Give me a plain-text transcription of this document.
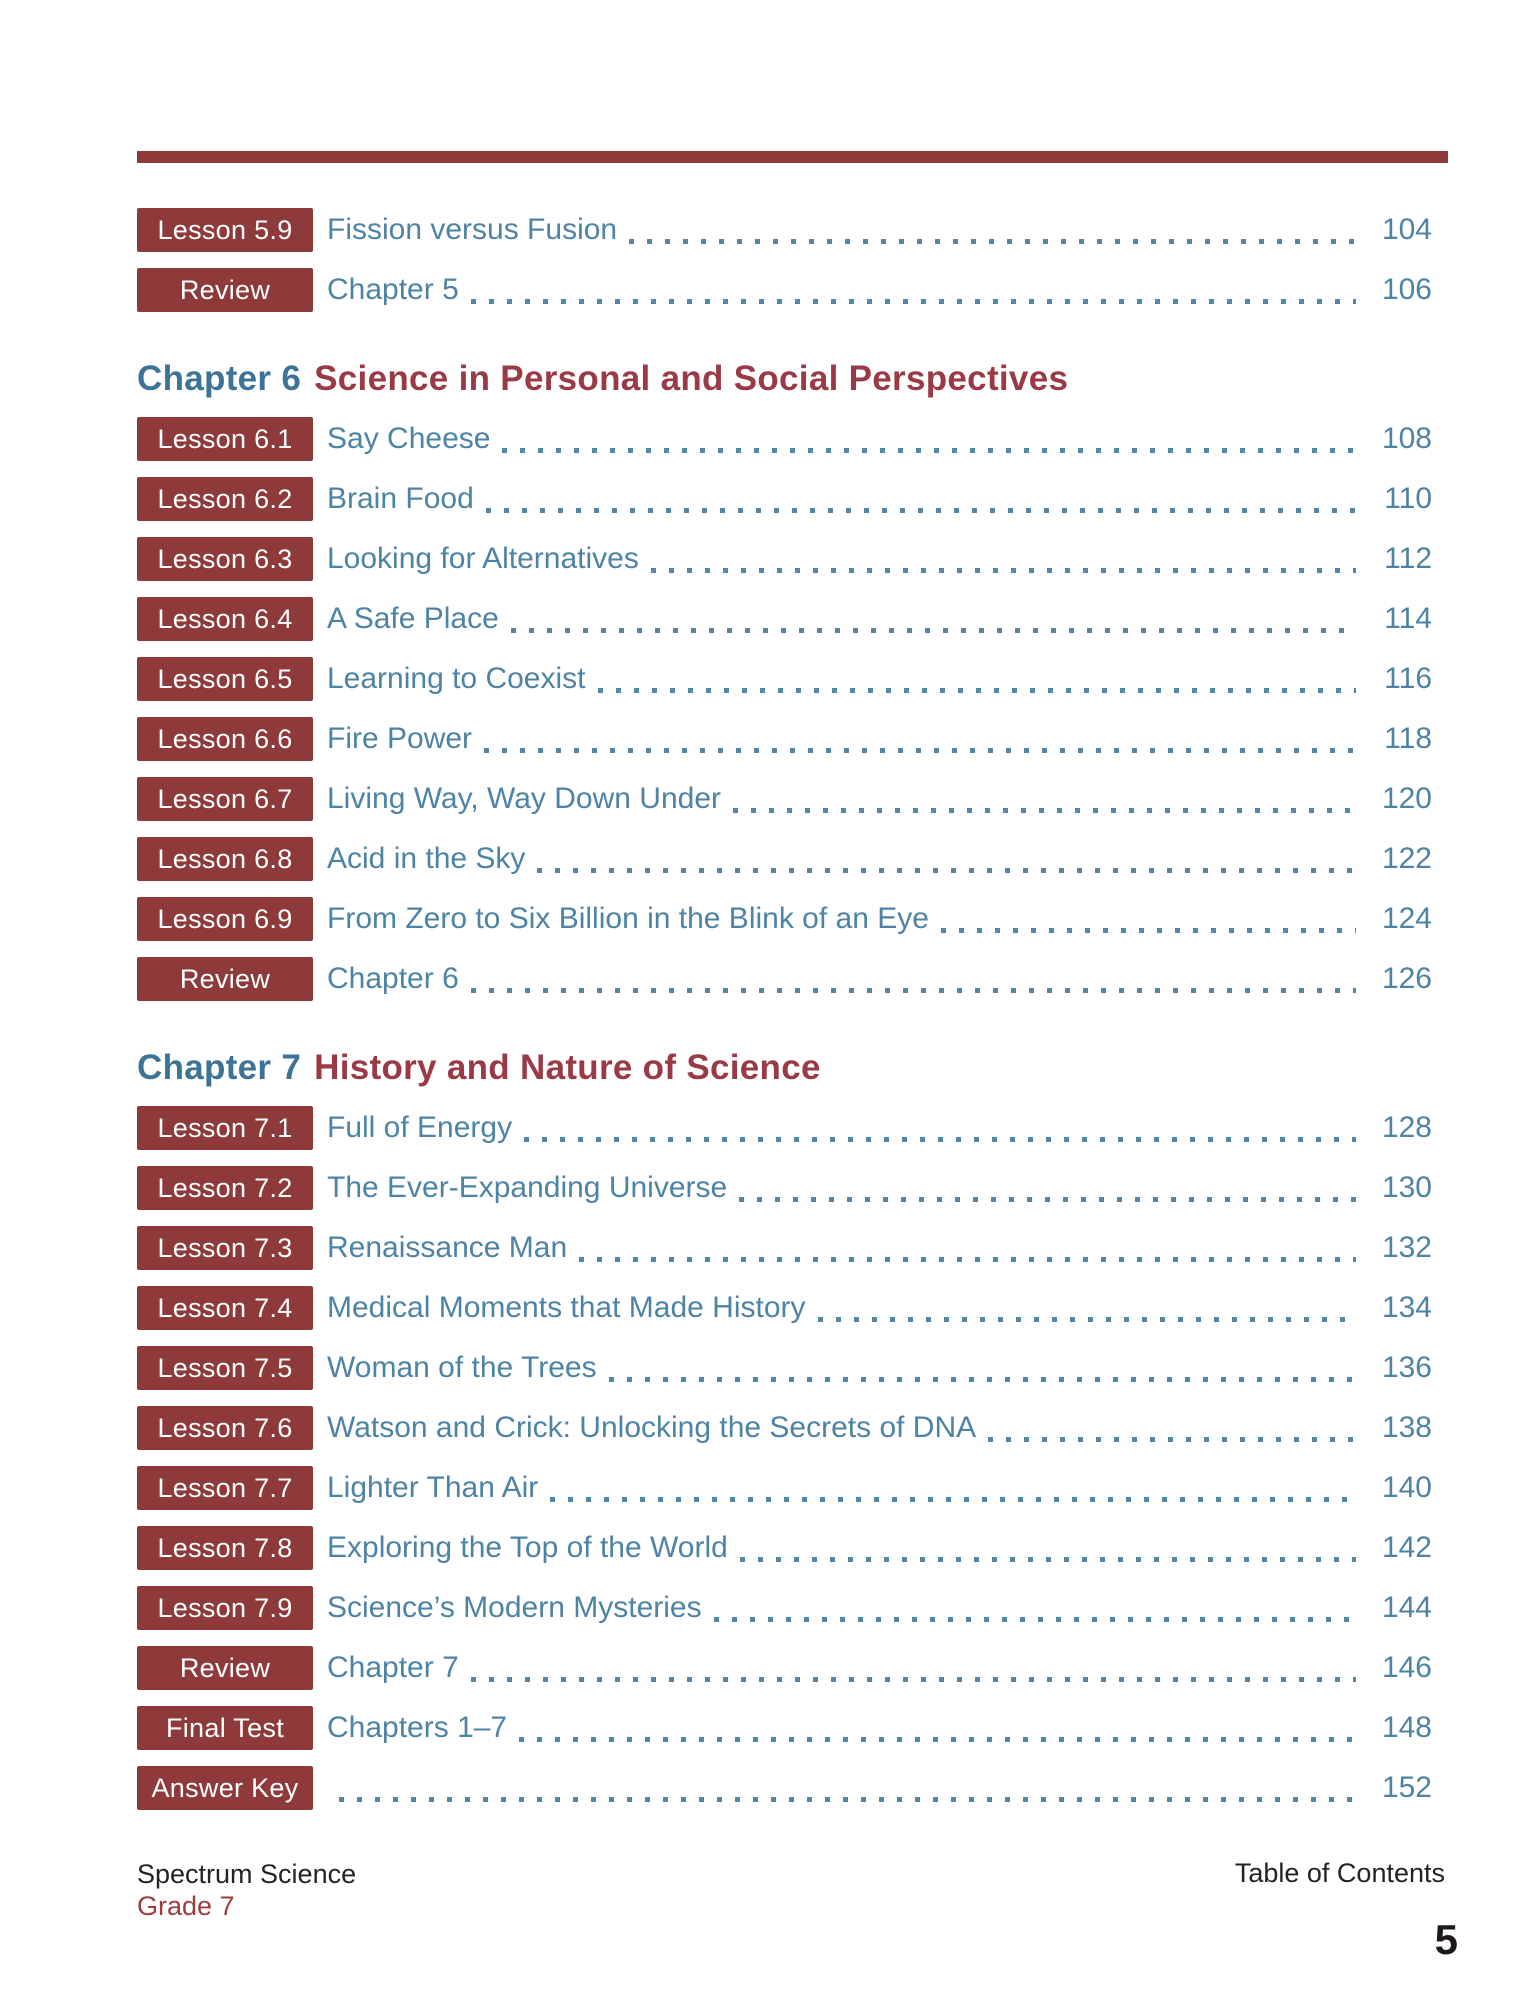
Lesson 5.9	Fission versus Fusion	104
Review	Chapter 5	106
Chapter 6 Science in Personal and Social Perspectives
Lesson 6.1	Say Cheese	108
Lesson 6.2	Brain Food	110
Lesson 6.3	Looking for Alternatives	112
Lesson 6.4	A Safe Place	114
Lesson 6.5	Learning to Coexist	116
Lesson 6.6	Fire Power	118
Lesson 6.7	Living Way, Way Down Under	120
Lesson 6.8	Acid in the Sky	122
Lesson 6.9	From Zero to Six Billion in the Blink of an Eye	124
Review	Chapter 6	126
Chapter 7 History and Nature of Science
Lesson 7.1	Full of Energy	128
Lesson 7.2	The Ever-Expanding Universe	130
Lesson 7.3	Renaissance Man	132
Lesson 7.4	Medical Moments that Made History	134
Lesson 7.5	Woman of the Trees	136
Lesson 7.6	Watson and Crick: Unlocking the Secrets of DNA	138
Lesson 7.7	Lighter Than Air	140
Lesson 7.8	Exploring the Top of the World	142
Lesson 7.9	Science’s Modern Mysteries	144
Review	Chapter 7	146
Final Test	Chapters 1–7	148
Answer Key	152
Spectrum Science
Grade 7
Table of Contents
5
